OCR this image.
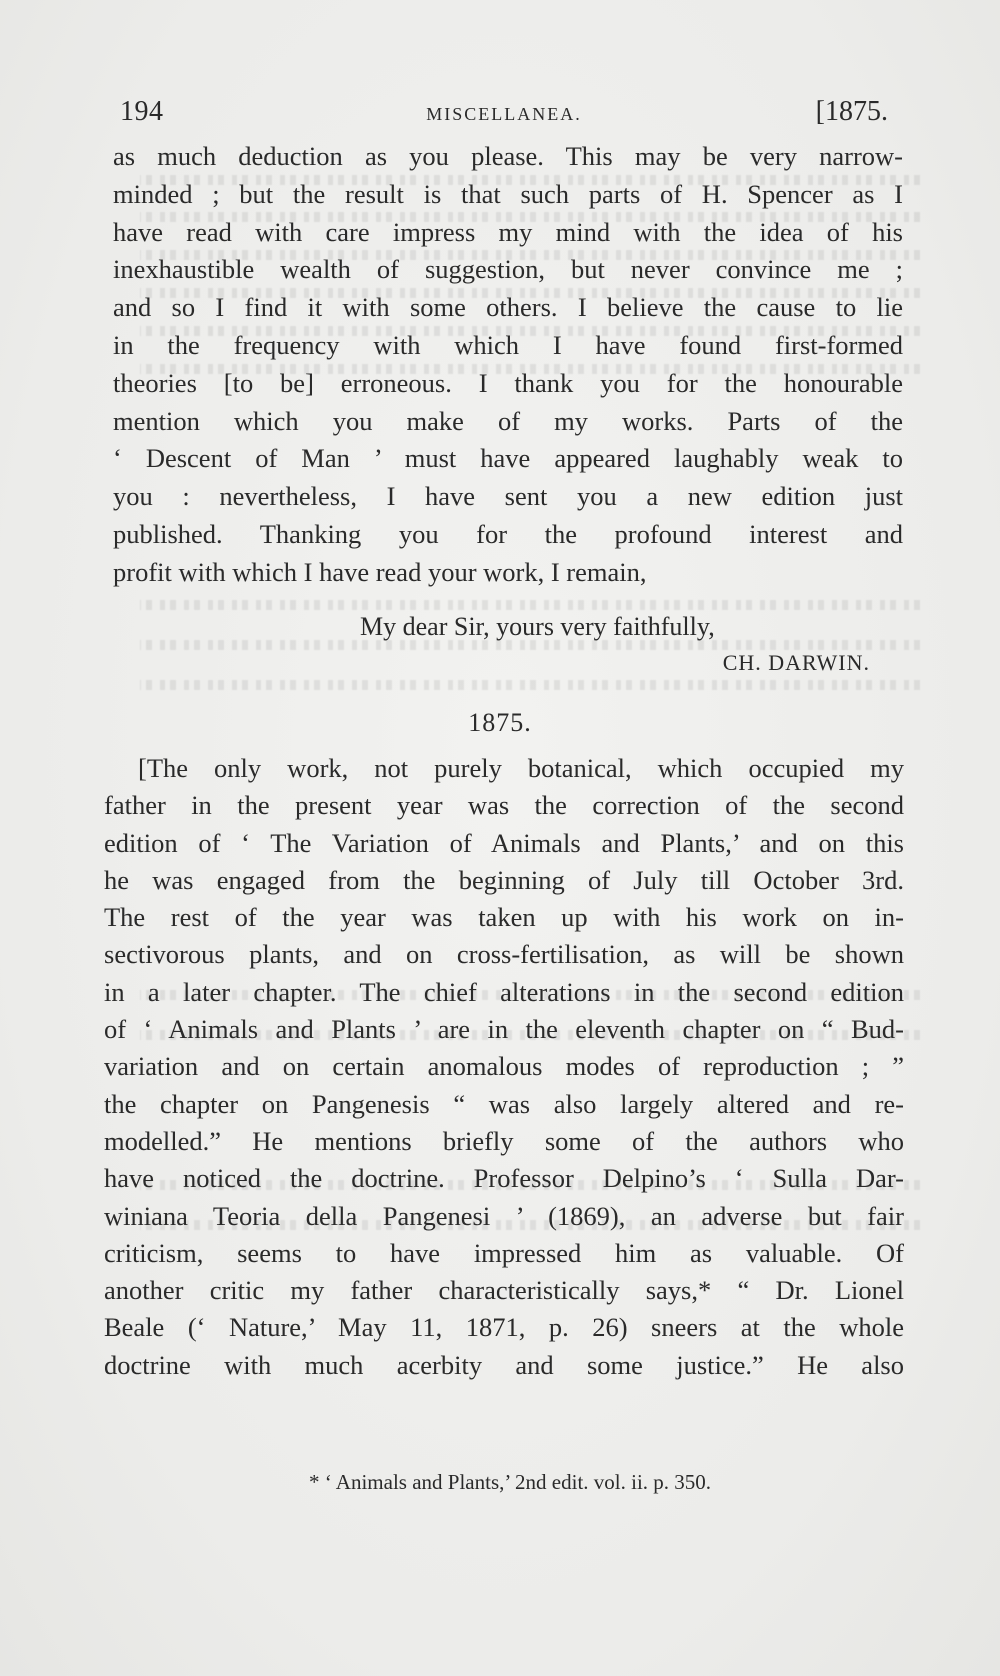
194	MISCELLANEA.	[1875.
as much deduction as you please. This may be very narrow-
minded ; but the result is that such parts of H. Spencer as I
have read with care impress my mind with the idea of his
inexhaustible wealth of suggestion, but never convince me ;
and so I find it with some others. I believe the cause to lie
in the frequency with which I have found first-formed
theories [to be] erroneous. I thank you for the honourable
mention which you make of my works. Parts of the
‘ Descent of Man ’ must have appeared laughably weak to
you : nevertheless, I have sent you a new edition just
published. Thanking you for the profound interest and
profit with which I have read your work, I remain,
My dear Sir, yours very faithfully,
CH. DARWIN.
1875.
[The only work, not purely botanical, which occupied my
father in the present year was the correction of the second
edition of ‘ The Variation of Animals and Plants,’ and on this
he was engaged from the beginning of July till October 3rd.
The rest of the year was taken up with his work on in-
sectivorous plants, and on cross-fertilisation, as will be shown
in a later chapter. The chief alterations in the second edition
of ‘ Animals and Plants ’ are in the eleventh chapter on “ Bud-
variation and on certain anomalous modes of reproduction ; ”
the chapter on Pangenesis “ was also largely altered and re-
modelled.” He mentions briefly some of the authors who
have noticed the doctrine. Professor Delpino’s ‘ Sulla Dar-
winiana Teoria della Pangenesi ’ (1869), an adverse but fair
criticism, seems to have impressed him as valuable. Of
another critic my father characteristically says,* “ Dr. Lionel
Beale (‘ Nature,’ May 11, 1871, p. 26) sneers at the whole
doctrine with much acerbity and some justice.” He also
* ‘ Animals and Plants,’ 2nd edit. vol. ii. p. 350.
